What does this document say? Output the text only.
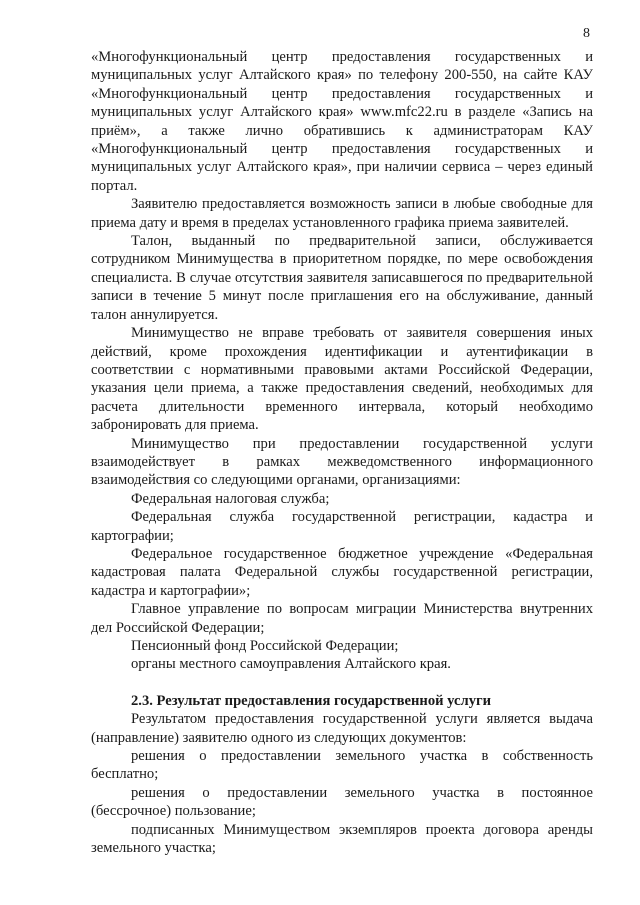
8

«Многофункциональный центр предоставления государственных и муниципальных услуг Алтайского края» по телефону 200-550, на сайте КАУ «Многофункциональный центр предоставления государственных и муниципальных услуг Алтайского края» www.mfc22.ru в разделе «Запись на приём», а также лично обратившись к администраторам КАУ «Многофункциональный центр предоставления государственных и муниципальных услуг Алтайского края», при наличии сервиса – через единый портал.

Заявителю предоставляется возможность записи в любые свободные для приема дату и время в пределах установленного графика приема заявителей.

Талон, выданный по предварительной записи, обслуживается сотрудником Минимущества в приоритетном порядке, по мере освобождения специалиста. В случае отсутствия заявителя записавшегося по предварительной записи в течение 5 минут после приглашения его на обслуживание, данный талон аннулируется.

Минимущество не вправе требовать от заявителя совершения иных действий, кроме прохождения идентификации и аутентификации в соответствии с нормативными правовыми актами Российской Федерации, указания цели приема, а также предоставления сведений, необходимых для расчета длительности временного интервала, который необходимо забронировать для приема.

Минимущество при предоставлении государственной услуги взаимодействует в рамках межведомственного информационного взаимодействия со следующими органами, организациями:

Федеральная налоговая служба;

Федеральная служба государственной регистрации, кадастра и картографии;

Федеральное государственное бюджетное учреждение «Федеральная кадастровая палата Федеральной службы государственной регистрации, кадастра и картографии»;

Главное управление по вопросам миграции Министерства внутренних дел Российской Федерации;

Пенсионный фонд Российской Федерации;

органы местного самоуправления Алтайского края.

2.3. Результат предоставления государственной услуги

Результатом предоставления государственной услуги является выдача (направление) заявителю одного из следующих документов:

решения о предоставлении земельного участка в собственность бесплатно;

решения о предоставлении земельного участка в постоянное (бессрочное) пользование;

подписанных Минимуществом экземпляров проекта договора аренды земельного участка;
